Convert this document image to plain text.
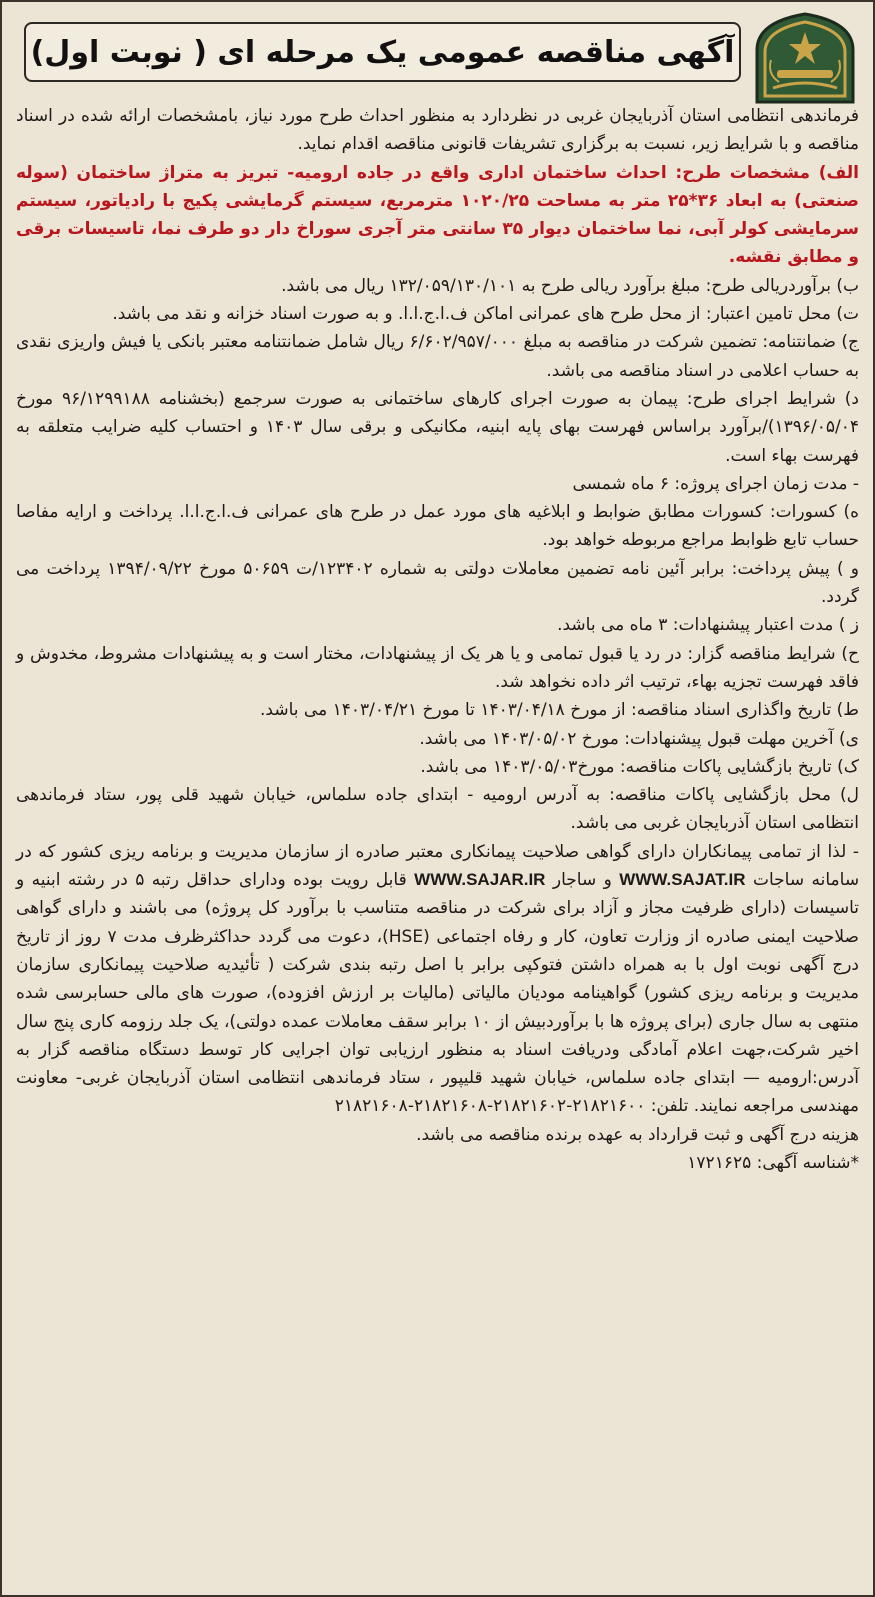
آگهی مناقصه عمومی یک مرحله ای ( نوبت اول)

فرماندهی انتظامی استان آذربایجان غربی در نظردارد به منظور احداث طرح مورد نیاز، بامشخصات ارائه شده در اسناد مناقصه و با شرایط زیر، نسبت به برگزاری تشریفات قانونی مناقصه اقدام نماید.

الف) مشخصات طرح: احداث ساختمان اداری واقع در جاده ارومیه- تبریز به متراژ ساختمان (سوله صنعتی) به ابعاد ۳۶*۲۵ متر به مساحت ۱۰۲۰/۲۵ مترمربع، سیستم گرمایشی پکیج با رادیاتور، سیستم سرمایشی کولر آبی، نما ساختمان دیوار ۳۵ سانتی متر آجری سوراخ دار دو طرف نما، تاسیسات برقی و مطابق نقشه.

ب) برآوردریالی طرح: مبلغ برآورد ریالی طرح به ۱۳۲/۰۵۹/۱۳۰/۱۰۱ ریال می باشد.

ت) محل تامین اعتبار: از محل طرح های عمرانی اماکن ف.ا.ج.ا.ا. و به صورت اسناد خزانه و نقد می باشد.

ج) ضمانتنامه: تضمین شرکت در مناقصه به مبلغ ۶/۶۰۲/۹۵۷/۰۰۰ ریال شامل ضمانتنامه معتبر بانکی یا فیش واریزی نقدی به حساب اعلامی در اسناد مناقصه می باشد.

د) شرایط اجرای طرح: پیمان به صورت اجرای کارهای ساختمانی به صورت سرجمع (بخشنامه ۹۶/۱۲۹۹۱۸۸ مورخ ۱۳۹۶/۰۵/۰۴)/برآورد براساس فهرست بهای پایه ابنیه، مکانیکی و برقی سال ۱۴۰۳ و احتساب کلیه ضرایب متعلقه به فهرست بهاء است.

- مدت زمان اجرای پروژه: ۶ ماه شمسی

ه) کسورات: کسورات مطابق ضوابط و ابلاغیه های مورد عمل در طرح های عمرانی ف.ا.ج.ا.ا. پرداخت و ارایه مفاصا حساب تابع ظوابط مراجع مربوطه خواهد بود.

و ) پیش پرداخت: برابر آئین نامه تضمین معاملات دولتی به شماره ۱۲۳۴۰۲/ت ۵۰۶۵۹ مورخ ۱۳۹۴/۰۹/۲۲ پرداخت می گردد.

ز ) مدت اعتبار پیشنهادات: ۳ ماه می باشد.

ح) شرایط مناقصه گزار: در رد یا قبول تمامی و یا هر یک از پیشنهادات، مختار است و به پیشنهادات مشروط، مخدوش و فاقد فهرست تجزیه بهاء، ترتیب اثر داده نخواهد شد.

ط) تاریخ واگذاری اسناد مناقصه: از مورخ ۱۴۰۳/۰۴/۱۸ تا مورخ ۱۴۰۳/۰۴/۲۱ می باشد.

ی) آخرین مهلت قبول پیشنهادات: مورخ ۱۴۰۳/۰۵/۰۲ می باشد.

ک) تاریخ بازگشایی پاکات مناقصه: مورخ۱۴۰۳/۰۵/۰۳ می باشد.

ل) محل بازگشایی پاکات مناقصه: به آدرس ارومیه - ابتدای جاده سلماس، خیابان شهید قلی پور، ستاد فرماندهی انتظامی استان آذربایجان غربی می باشد.

- لذا از تمامی پیمانکاران دارای گواهی صلاحیت پیمانکاری معتبر صادره از سازمان مدیریت و برنامه ریزی کشور که در سامانه ساجات WWW.SAJAT.IR و ساجار WWW.SAJAR.IR قابل رویت بوده ودارای حداقل رتبه ۵ در رشته ابنیه و تاسیسات (دارای ظرفیت مجاز و آزاد برای شرکت در مناقصه متناسب با برآورد کل پروژه) می باشند و دارای گواهی صلاحیت ایمنی صادره از وزارت تعاون، کار و رفاه اجتماعی (HSE)، دعوت می گردد حداکثرظرف مدت ۷ روز از تاریخ درج آگهی نوبت اول با به همراه داشتن فتوکپی برابر با اصل رتبه بندی شرکت ( تأئیدیه صلاحیت پیمانکاری سازمان مدیریت و برنامه ریزی کشور) گواهینامه مودیان مالیاتی (مالیات بر ارزش افزوده)، صورت های مالی حسابرسی شده منتهی به سال جاری (برای پروژه ها با برآوردبیش از ۱۰ برابر سقف معاملات عمده دولتی)، یک جلد رزومه کاری پنج سال اخیر شرکت،جهت اعلام آمادگی ودریافت اسناد به منظور ارزیابی توان اجرایی کار توسط دستگاه مناقصه گزار به آدرس:ارومیه — ابتدای جاده سلماس، خیابان شهید قلیپور ، ستاد فرماندهی انتظامی استان آذربایجان غربی- معاونت مهندسی مراجعه نمایند. تلفن: ۲۱۸۲۱۶۰۰-۲۱۸۲۱۶۰۲-۲۱۸۲۱۶۰۸-۲۱۸۲۱۶۰۸

هزینه درج آگهی و ثبت قرارداد به عهده برنده مناقصه می باشد.

*شناسه آگهی: ۱۷۲۱۶۲۵
